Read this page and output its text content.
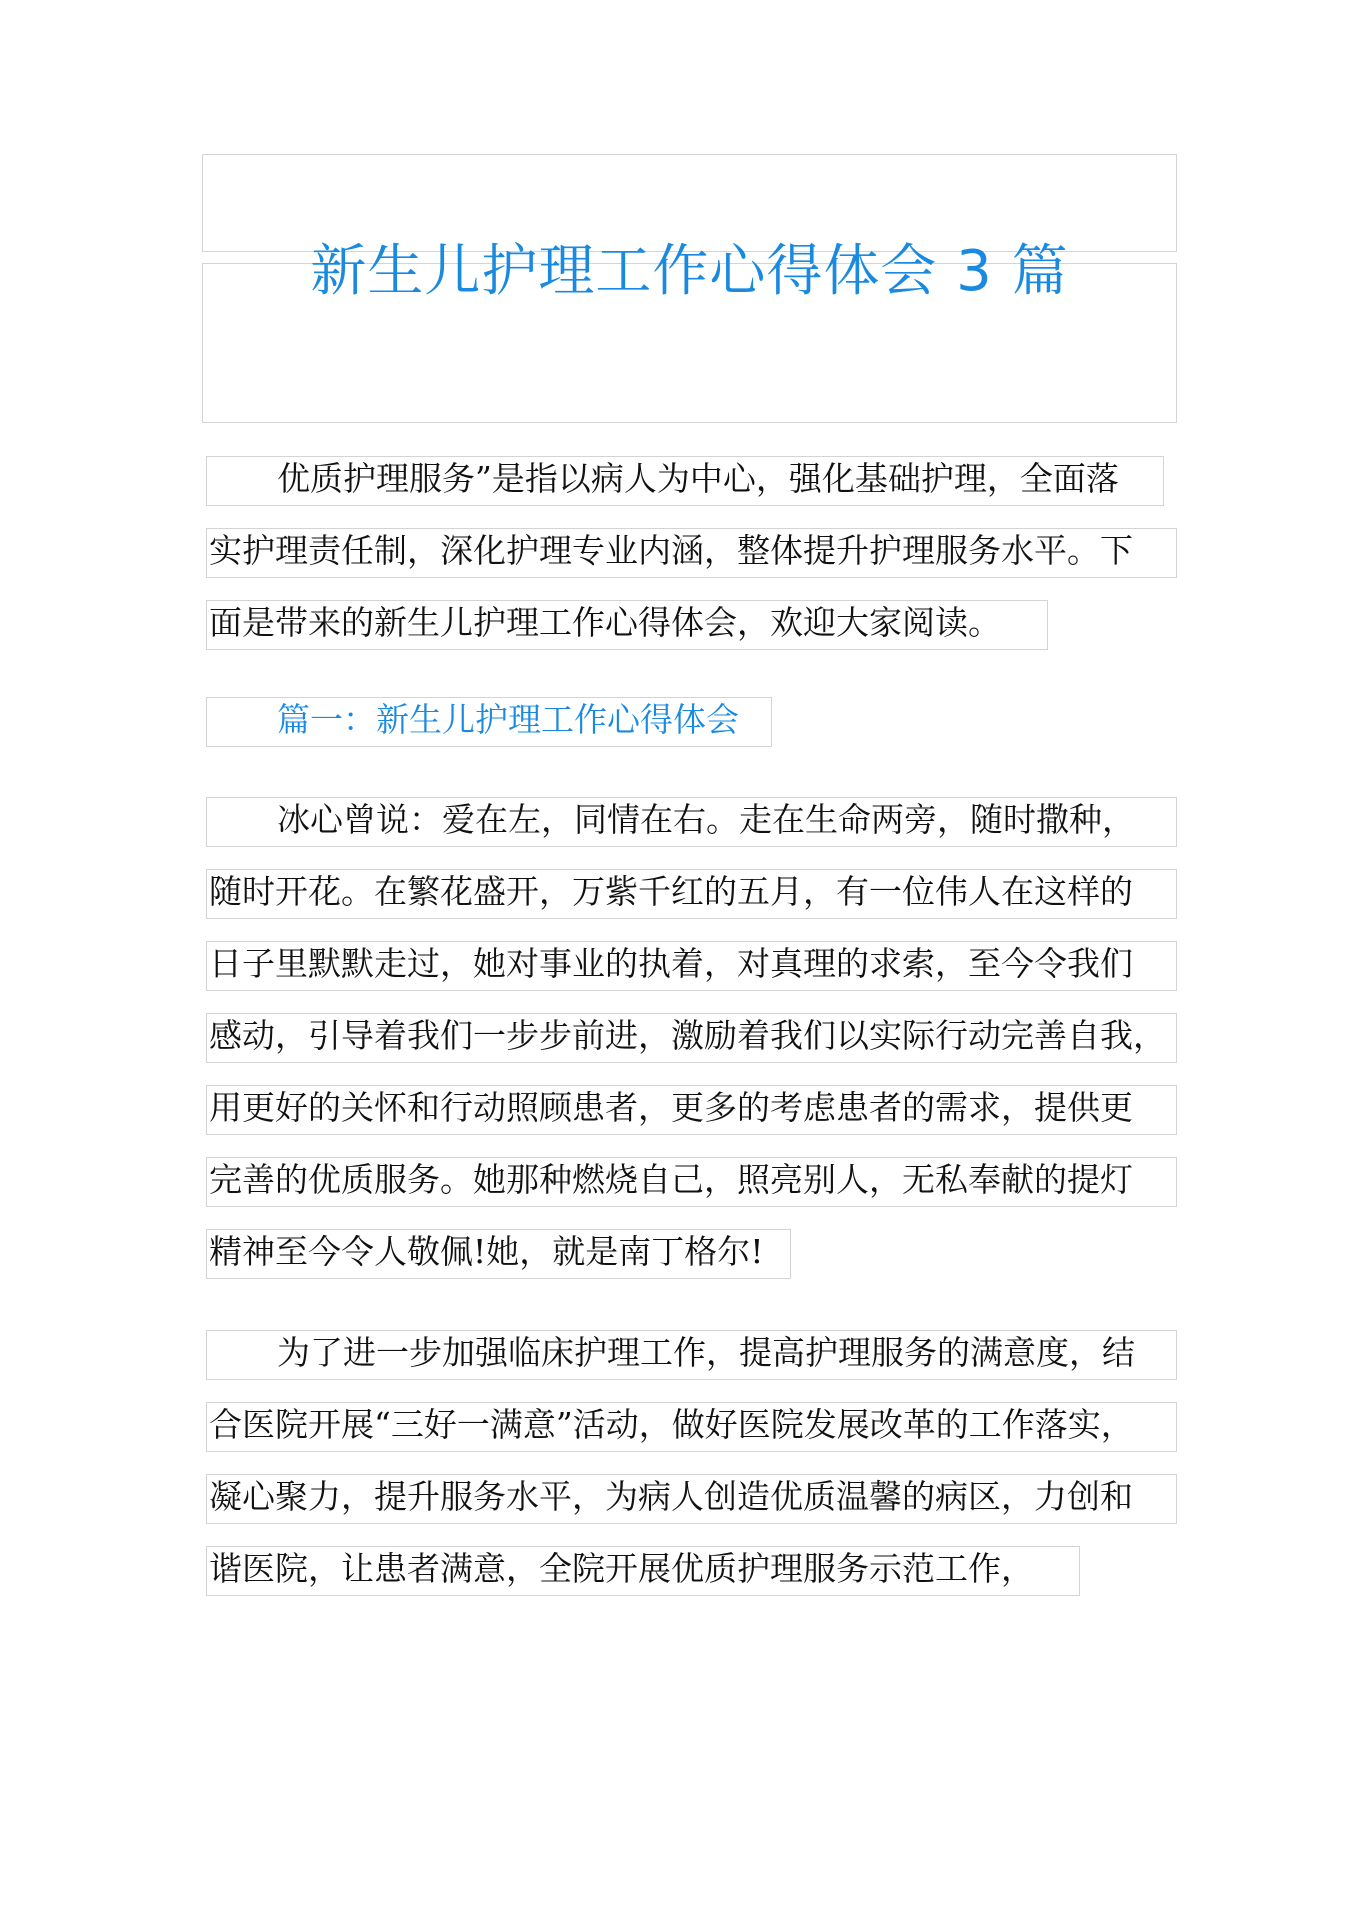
新生儿护理工作心得体会 3 篇
优质护理服务”是指以病人为中心，强化基础护理，全面落
实护理责任制，深化护理专业内涵，整体提升护理服务水平。下
面是带来的新生儿护理工作心得体会，欢迎大家阅读。
篇一：新生儿护理工作心得体会
冰心曾说：爱在左，同情在右。走在生命两旁，随时撒种，
随时开花。在繁花盛开，万紫千红的五月，有一位伟人在这样的
日子里默默走过，她对事业的执着，对真理的求索，至今令我们
感动，引导着我们一步步前进，激励着我们以实际行动完善自我，
用更好的关怀和行动照顾患者，更多的考虑患者的需求，提供更
完善的优质服务。她那种燃烧自己，照亮别人，无私奉献的提灯
精神至今令人敬佩!她，就是南丁格尔!
为了进一步加强临床护理工作，提高护理服务的满意度，结
合医院开展“三好一满意”活动，做好医院发展改革的工作落实，
凝心聚力，提升服务水平，为病人创造优质温馨的病区，力创和
谐医院，让患者满意，全院开展优质护理服务示范工作，
